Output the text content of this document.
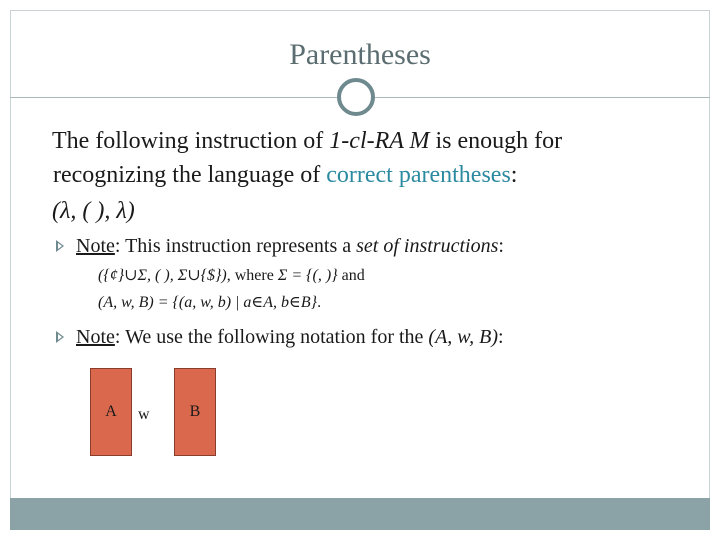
Parentheses
The following instruction of 1-cl-RA M is enough for
recognizing the language of correct parentheses:
(λ, ( ), λ)
Note: This instruction represents a set of instructions:
({¢}∪Σ, ( ), Σ∪{$}), where Σ = {(, )} and
(A, w, B) = {(a, w, b) | a∈A, b∈B}.
Note: We use the following notation for the (A, w, B):
A	w	B
